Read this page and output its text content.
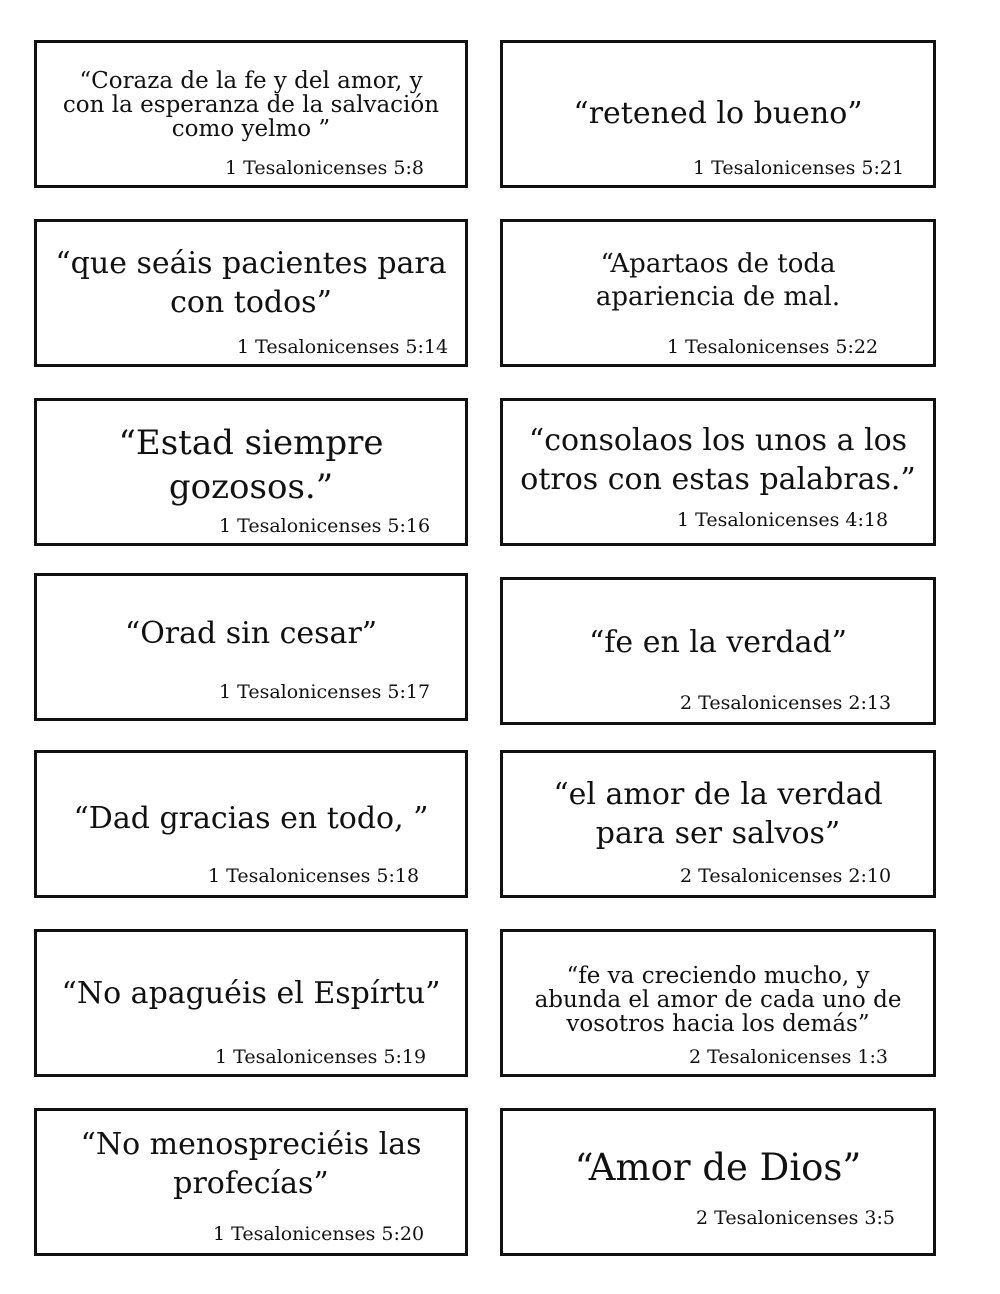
“Coraza de la fe y del amor, y
con la esperanza de la salvación
como yelmo ”

1 Tesalonicenses 5:8

“retened lo bueno”

1 Tesalonicenses 5:21

“que seáis pacientes para
con todos”

1 Tesalonicenses 5:14

“Apartaos de toda
apariencia de mal.

1 Tesalonicenses 5:22

“Estad siempre
gozosos.”

1 Tesalonicenses 5:16

“consolaos los unos a los
otros con estas palabras.”

1 Tesalonicenses 4:18

“Orad sin cesar”

1 Tesalonicenses 5:17

“fe en la verdad”

2 Tesalonicenses 2:13

“Dad gracias en todo, ”

1 Tesalonicenses 5:18

“el amor de la verdad
para ser salvos”

2 Tesalonicenses 2:10

“No apaguéis el Espírtu”

1 Tesalonicenses 5:19

“fe va creciendo mucho, y
abunda el amor de cada uno de
vosotros hacia los demás”

2 Tesalonicenses 1:3

“No menospreciéis las
profecías”

1 Tesalonicenses 5:20

“Amor de Dios”

2 Tesalonicenses 3:5
